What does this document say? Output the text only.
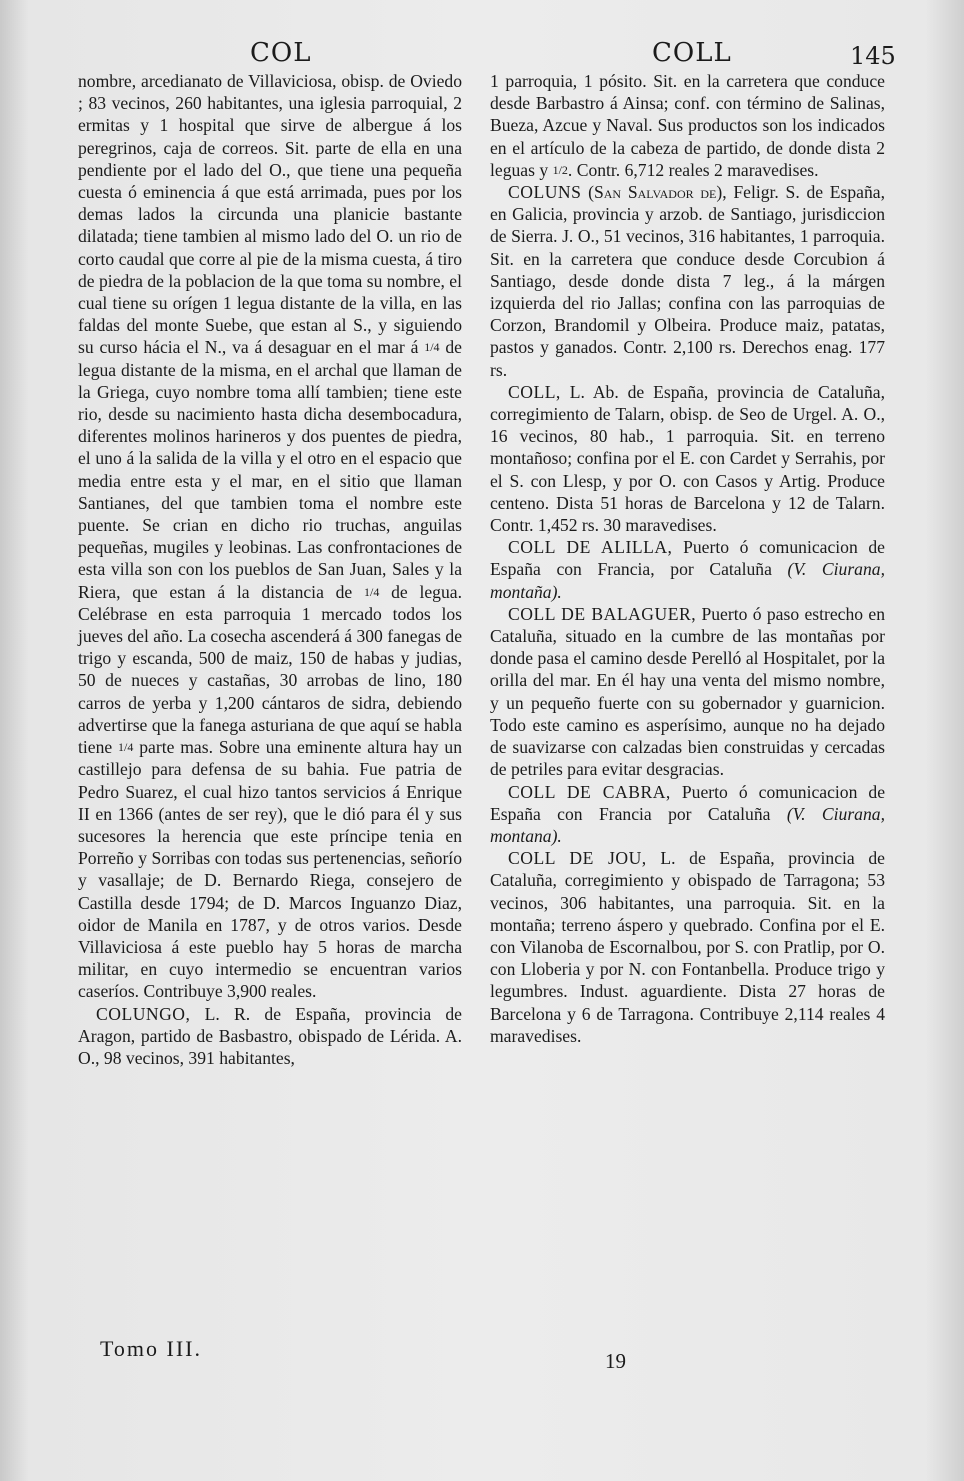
COL	COLL	145

nombre, arcedianato de Villaviciosa, obisp. de Oviedo ; 83 vecinos, 260 habitantes, una iglesia parroquial, 2 ermitas y 1 hospital que sirve de albergue á los peregrinos, caja de correos. Sit. parte de ella en una pendiente por el lado del O., que tiene una pequeña cuesta ó eminencia á que está arrimada, pues por los demas lados la circunda una planicie bastante dilatada; tiene tambien al mismo lado del O. un rio de corto caudal que corre al pie de la misma cuesta, á tiro de piedra de la poblacion de la que toma su nombre, el cual tiene su orígen 1 legua distante de la villa, en las faldas del monte Suebe, que estan al S., y siguiendo su curso hácia el N., va á desaguar en el mar á 1/4 de legua distante de la misma, en el archal que llaman de la Griega, cuyo nombre toma allí tambien; tiene este rio, desde su nacimiento hasta dicha desembocadura, diferentes molinos harineros y dos puentes de piedra, el uno á la salida de la villa y el otro en el espacio que media entre esta y el mar, en el sitio que llaman Santianes, del que tambien toma el nombre este puente. Se crian en dicho rio truchas, anguilas pequeñas, mugiles y leobinas. Las confrontaciones de esta villa son con los pueblos de San Juan, Sales y la Riera, que estan á la distancia de 1/4 de legua. Celébrase en esta parroquia 1 mercado todos los jueves del año. La cosecha ascenderá á 300 fanegas de trigo y escanda, 500 de maiz, 150 de habas y judias, 50 de nueces y castañas, 30 arrobas de lino, 180 carros de yerba y 1,200 cántaros de sidra, debiendo advertirse que la fanega asturiana de que aquí se habla tiene 1/4 parte mas. Sobre una eminente altura hay un castillejo para defensa de su bahia. Fue patria de Pedro Suarez, el cual hizo tantos servicios á Enrique II en 1366 (antes de ser rey), que le dió para él y sus sucesores la herencia que este príncipe tenia en Porreño y Sorribas con todas sus pertenencias, señorío y vasallaje; de D. Bernardo Riega, consejero de Castilla desde 1794; de D. Marcos Inguanzo Diaz, oidor de Manila en 1787, y de otros varios. Desde Villaviciosa á este pueblo hay 5 horas de marcha militar, en cuyo intermedio se encuentran varios caseríos. Contribuye 3,900 reales.

COLUNGO, L. R. de España, provincia de Aragon, partido de Basbastro, obispado de Lérida. A. O., 98 vecinos, 391 habitantes,

1 parroquia, 1 pósito. Sit. en la carretera que conduce desde Barbastro á Ainsa; conf. con término de Salinas, Bueza, Azcue y Naval. Sus productos son los indicados en el artículo de la cabeza de partido, de donde dista 2 leguas y 1/2. Contr. 6,712 reales 2 maravedises.

COLUNS (San Salvador de), Feligr. S. de España, en Galicia, provincia y arzob. de Santiago, jurisdiccion de Sierra. J. O., 51 vecinos, 316 habitantes, 1 parroquia. Sit. en la carretera que conduce desde Corcubion á Santiago, desde donde dista 7 leg., á la márgen izquierda del rio Jallas; confina con las parroquias de Corzon, Brandomil y Olbeira. Produce maiz, patatas, pastos y ganados. Contr. 2,100 rs. Derechos enag. 177 rs.

COLL, L. Ab. de España, provincia de Cataluña, corregimiento de Talarn, obisp. de Seo de Urgel. A. O., 16 vecinos, 80 hab., 1 parroquia. Sit. en terreno montañoso; confina por el E. con Cardet y Serrahis, por el S. con Llesp, y por O. con Casos y Artig. Produce centeno. Dista 51 horas de Barcelona y 12 de Talarn. Contr. 1,452 rs. 30 maravedises.

COLL DE ALILLA, Puerto ó comunicacion de España con Francia, por Cataluña (V. Ciurana, montaña).

COLL DE BALAGUER, Puerto ó paso estrecho en Cataluña, situado en la cumbre de las montañas por donde pasa el camino desde Perelló al Hospitalet, por la orilla del mar. En él hay una venta del mismo nombre, y un pequeño fuerte con su gobernador y guarnicion. Todo este camino es asperísimo, aunque no ha dejado de suavizarse con calzadas bien construidas y cercadas de petriles para evitar desgracias.

COLL DE CABRA, Puerto ó comunicacion de España con Francia por Cataluña (V. Ciurana, montana).

COLL DE JOU, L. de España, provincia de Cataluña, corregimiento y obispado de Tarragona; 53 vecinos, 306 habitantes, una parroquia. Sit. en la montaña; terreno áspero y quebrado. Confina por el E. con Vilanoba de Escornalbou, por S. con Pratlip, por O. con Lloberia y por N. con Fontanbella. Produce trigo y legumbres. Indust. aguardiente. Dista 27 horas de Barcelona y 6 de Tarragona. Contribuye 2,114 reales 4 maravedises.

Tomo III.	19
